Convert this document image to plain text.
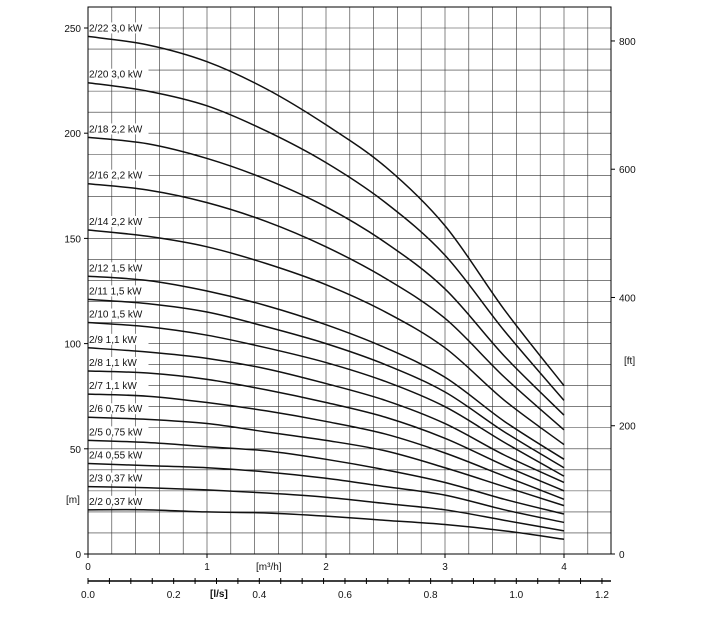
2/22 3,0 kW
2/20 3,0 kW
2/18 2,2 kW
2/16 2,2 kW
2/14 2,2 kW
2/12 1,5 kW
2/11 1,5 kW
2/10 1,5 kW
2/9 1,1 kW
2/8 1,1 kW
2/7 1,1 kW
2/6 0,75 kW
2/5 0,75 kW
2/4 0,55 kW
2/3 0,37 kW
2/2 0,37 kW
[m]
[ft]
[m³/h]
[l/s]
0
50
100
150
200
250
0
200
400
600
800
0	1	2	3	4
0.0	0.2	0.4	0.6	0.8	1.0	1.2
